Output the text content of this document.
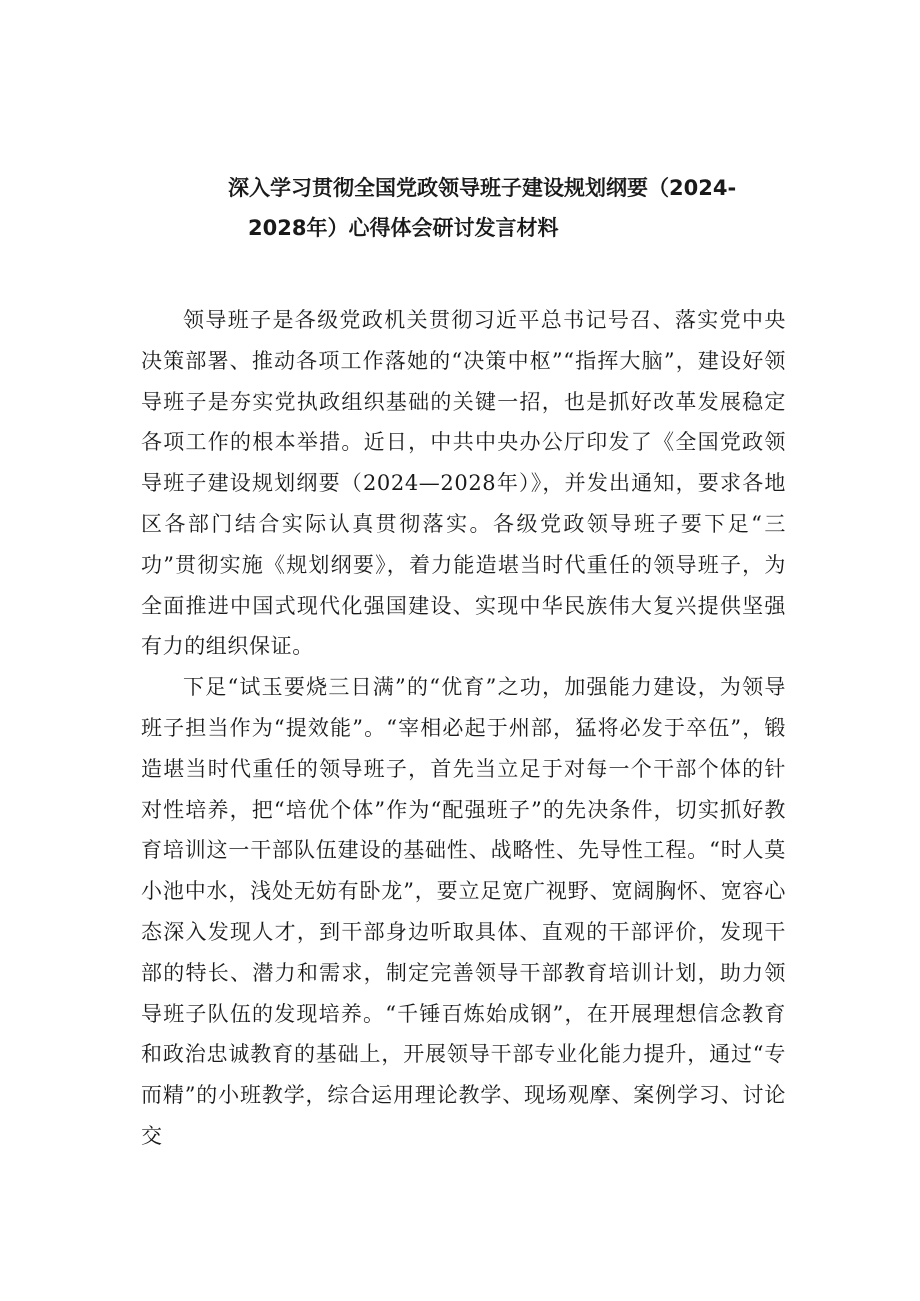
深入学习贯彻全国党政领导班子建设规划纲要（2024-
2028年）心得体会研讨发言材料

领导班子是各级党政机关贯彻习近平总书记号召、落实党中央决策部署、推动各项工作落她的“决策中枢”“指挥大脑”，建设好领导班子是夯实党执政组织基础的关键一招，也是抓好改革发展稳定各项工作的根本举措。近日，中共中央办公厅印发了《全国党政领导班子建设规划纲要（2024—2028年）》，并发出通知，要求各地区各部门结合实际认真贯彻落实。各级党政领导班子要下足“三功”贯彻实施《规划纲要》，着力能造堪当时代重任的领导班子，为全面推进中国式现代化强国建设、实现中华民族伟大复兴提供坚强有力的组织保证。

下足“试玉要烧三日满”的“优育”之功，加强能力建设，为领导班子担当作为“提效能”。“宰相必起于州部，猛将必发于卒伍”，锻造堪当时代重任的领导班子，首先当立足于对每一个干部个体的针对性培养，把“培优个体”作为“配强班子”的先决条件，切实抓好教育培训这一干部队伍建设的基础性、战略性、先导性工程。“时人莫小池中水，浅处无妨有卧龙”，要立足宽广视野、宽阔胸怀、宽容心态深入发现人才，到干部身边听取具体、直观的干部评价，发现干部的特长、潜力和需求，制定完善领导干部教育培训计划，助力领导班子队伍的发现培养。“千锤百炼始成钢”，在开展理想信念教育和政治忠诚教育的基础上，开展领导干部专业化能力提升，通过“专而精”的小班教学，综合运用理论教学、现场观摩、案例学习、讨论交
